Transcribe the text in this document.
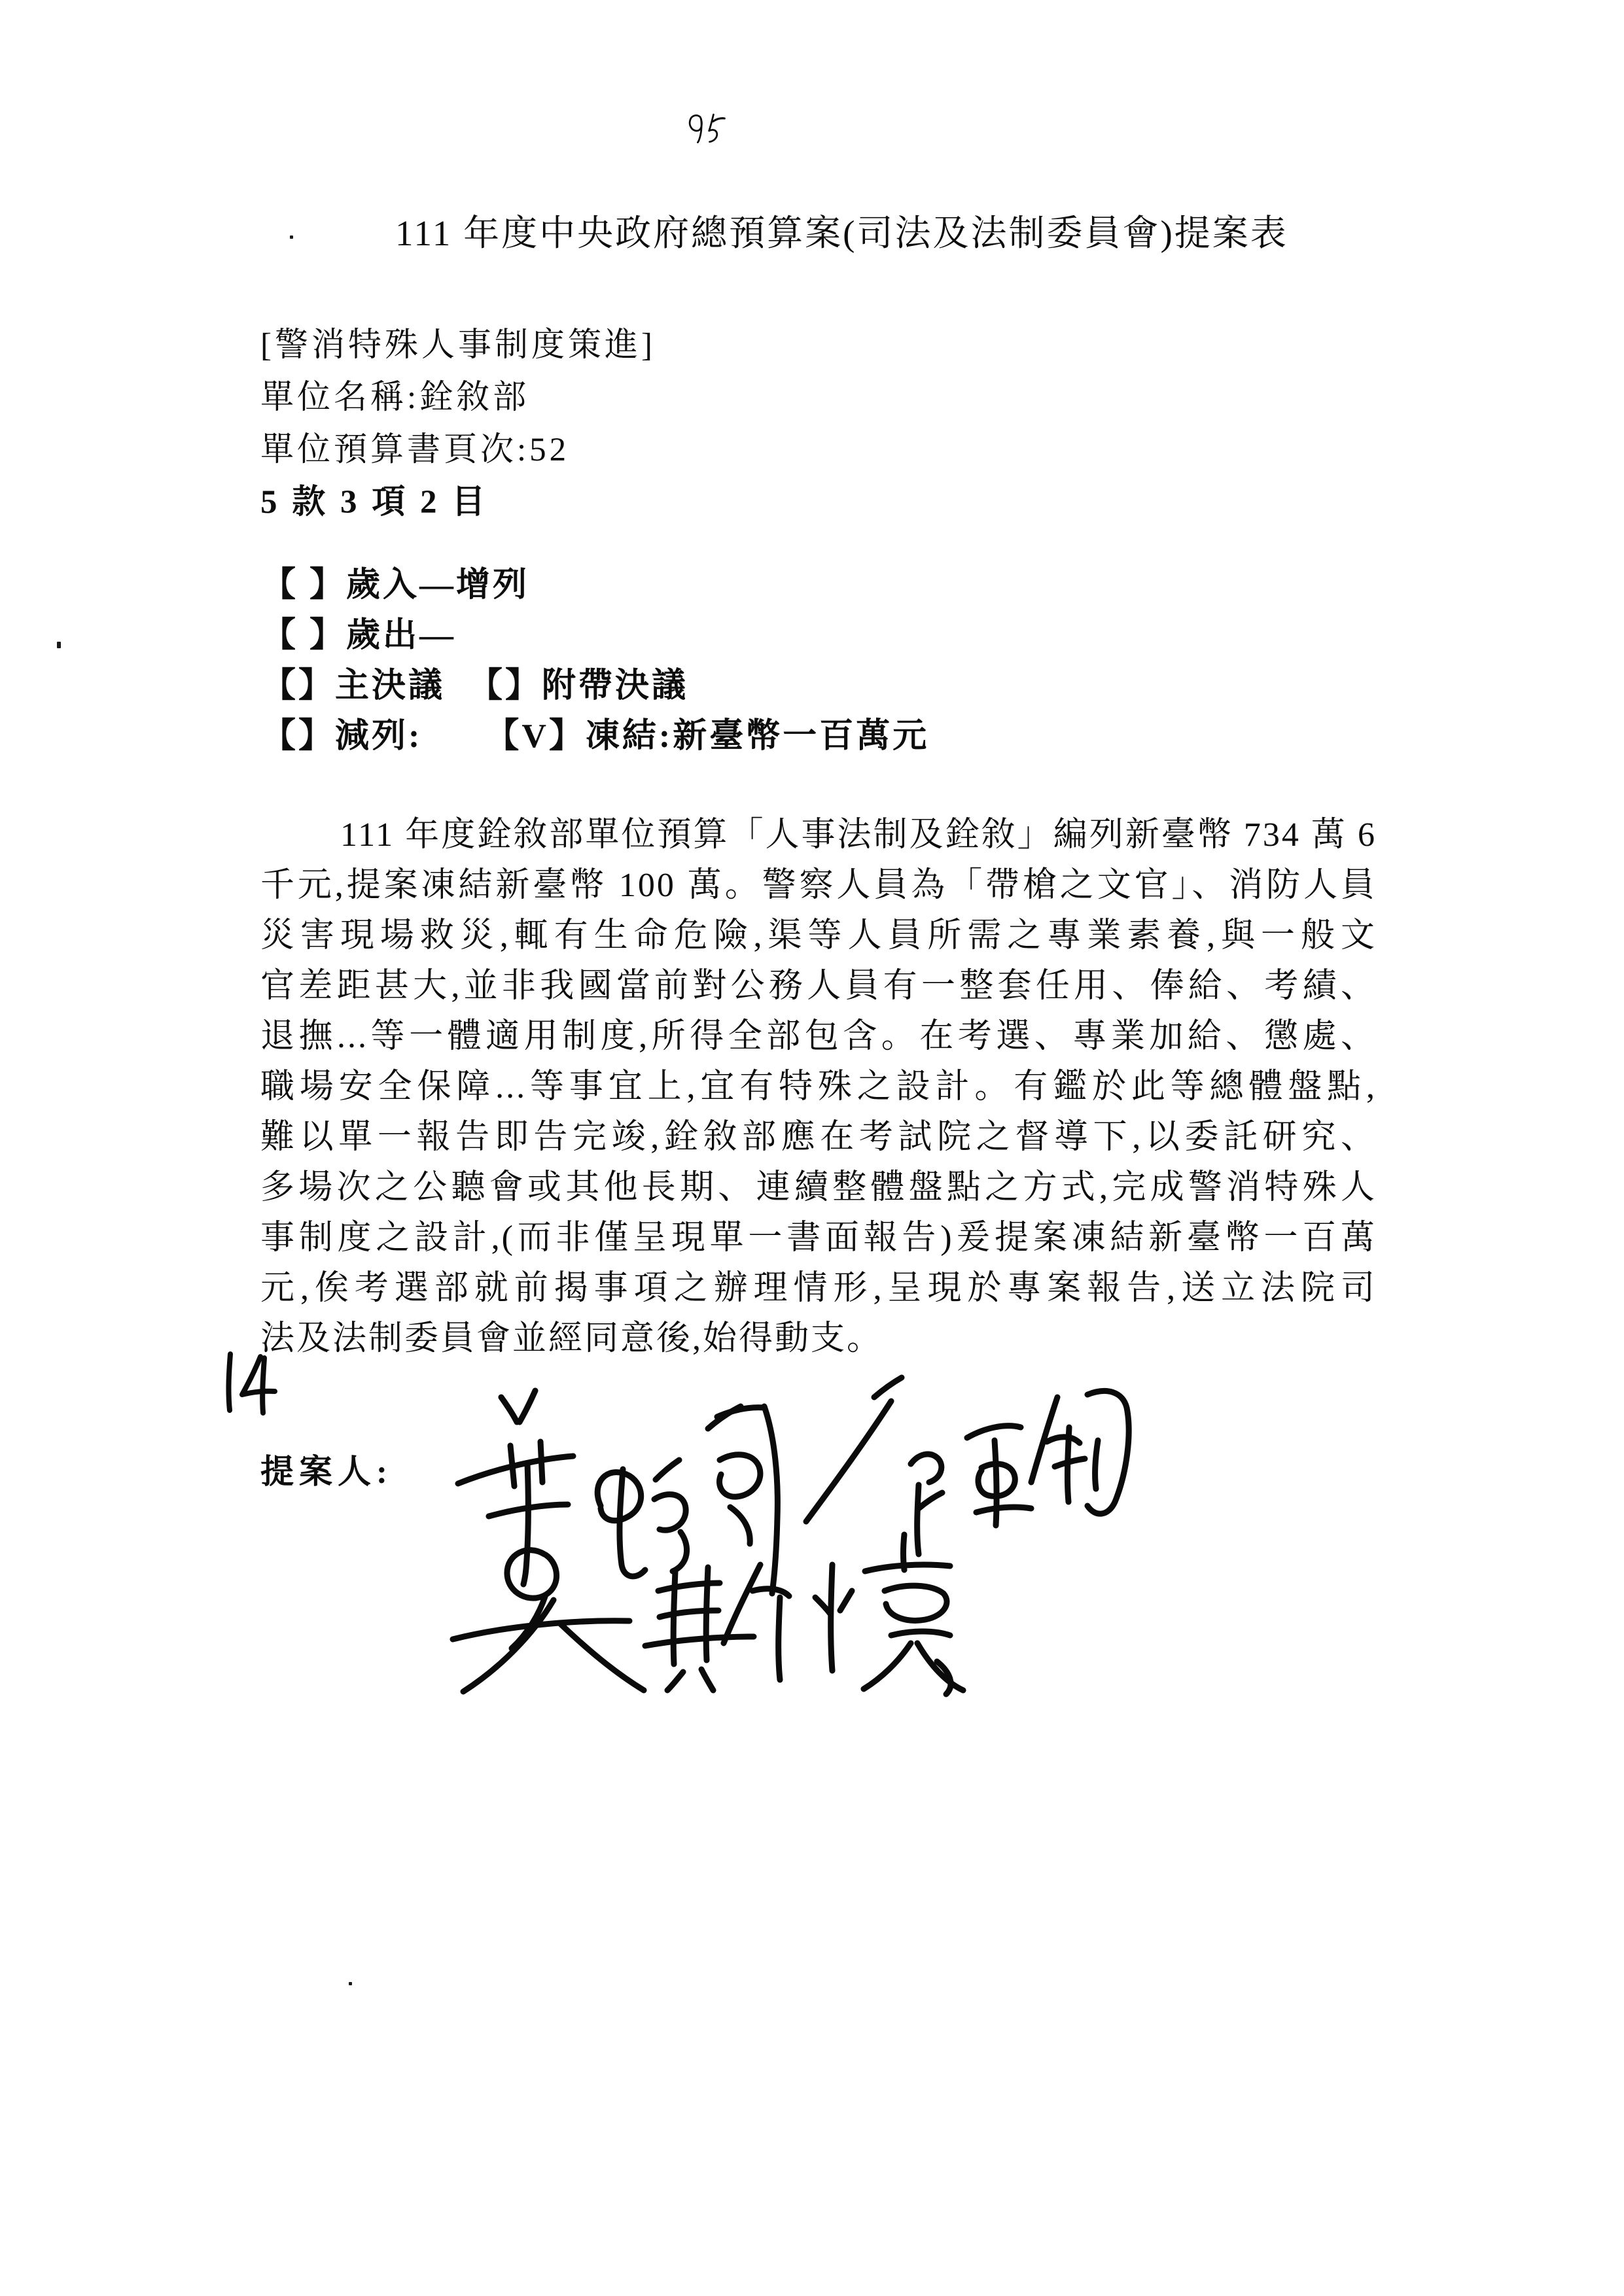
111 年度中央政府總預算案(司法及法制委員會)提案表
[警消特殊人事制度策進]
單位名稱:銓敘部
單位預算書頁次:52
5 款 3 項 2 目
【 】歲入—增列
【 】歲出—
【】主決議 【】附帶決議
【】減列: 【V】凍結:新臺幣一百萬元
111 年度銓敘部單位預算「人事法制及銓敘」編列新臺幣 734 萬 6
千元,提案凍結新臺幣 100 萬。警察人員為「帶槍之文官」、消防人員
災害現場救災,輒有生命危險,渠等人員所需之專業素養,與一般文
官差距甚大,並非我國當前對公務人員有一整套任用、俸給、考績、
退撫...等一體適用制度,所得全部包含。在考選、專業加給、懲處、
職場安全保障...等事宜上,宜有特殊之設計。有鑑於此等總體盤點,
難以單一報告即告完竣,銓敘部應在考試院之督導下,以委託研究、
多場次之公聽會或其他長期、連續整體盤點之方式,完成警消特殊人
事制度之設計,(而非僅呈現單一書面報告)爰提案凍結新臺幣一百萬
元,俟考選部就前揭事項之辦理情形,呈現於專案報告,送立法院司
法及法制委員會並經同意後,始得動支。
提案人:
